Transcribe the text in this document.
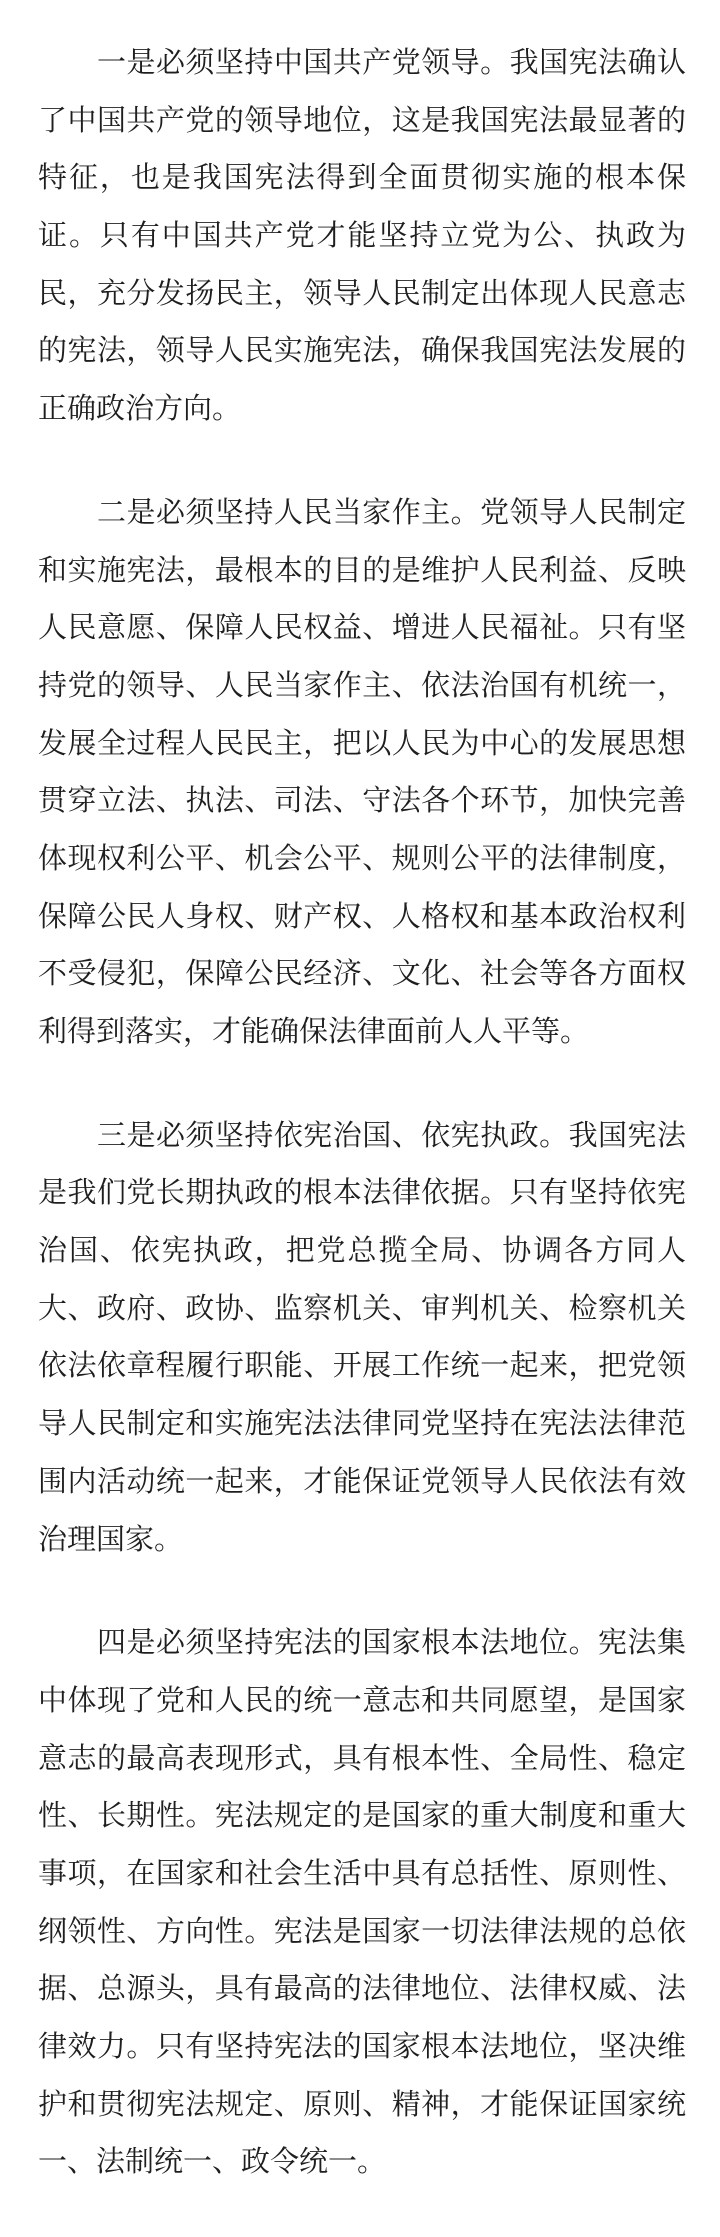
一是必须坚持中国共产党领导。我国宪法确认
了中国共产党的领导地位，这是我国宪法最显著的
特征，也是我国宪法得到全面贯彻实施的根本保
证。只有中国共产党才能坚持立党为公、执政为
民，充分发扬民主，领导人民制定出体现人民意志
的宪法，领导人民实施宪法，确保我国宪法发展的
正确政治方向。
二是必须坚持人民当家作主。党领导人民制定
和实施宪法，最根本的目的是维护人民利益、反映
人民意愿、保障人民权益、增进人民福祉。只有坚
持党的领导、人民当家作主、依法治国有机统一，
发展全过程人民民主，把以人民为中心的发展思想
贯穿立法、执法、司法、守法各个环节，加快完善
体现权利公平、机会公平、规则公平的法律制度，
保障公民人身权、财产权、人格权和基本政治权利
不受侵犯，保障公民经济、文化、社会等各方面权
利得到落实，才能确保法律面前人人平等。
三是必须坚持依宪治国、依宪执政。我国宪法
是我们党长期执政的根本法律依据。只有坚持依宪
治国、依宪执政，把党总揽全局、协调各方同人
大、政府、政协、监察机关、审判机关、检察机关
依法依章程履行职能、开展工作统一起来，把党领
导人民制定和实施宪法法律同党坚持在宪法法律范
围内活动统一起来，才能保证党领导人民依法有效
治理国家。
四是必须坚持宪法的国家根本法地位。宪法集
中体现了党和人民的统一意志和共同愿望，是国家
意志的最高表现形式，具有根本性、全局性、稳定
性、长期性。宪法规定的是国家的重大制度和重大
事项，在国家和社会生活中具有总括性、原则性、
纲领性、方向性。宪法是国家一切法律法规的总依
据、总源头，具有最高的法律地位、法律权威、法
律效力。只有坚持宪法的国家根本法地位，坚决维
护和贯彻宪法规定、原则、精神，才能保证国家统
一、法制统一、政令统一。
